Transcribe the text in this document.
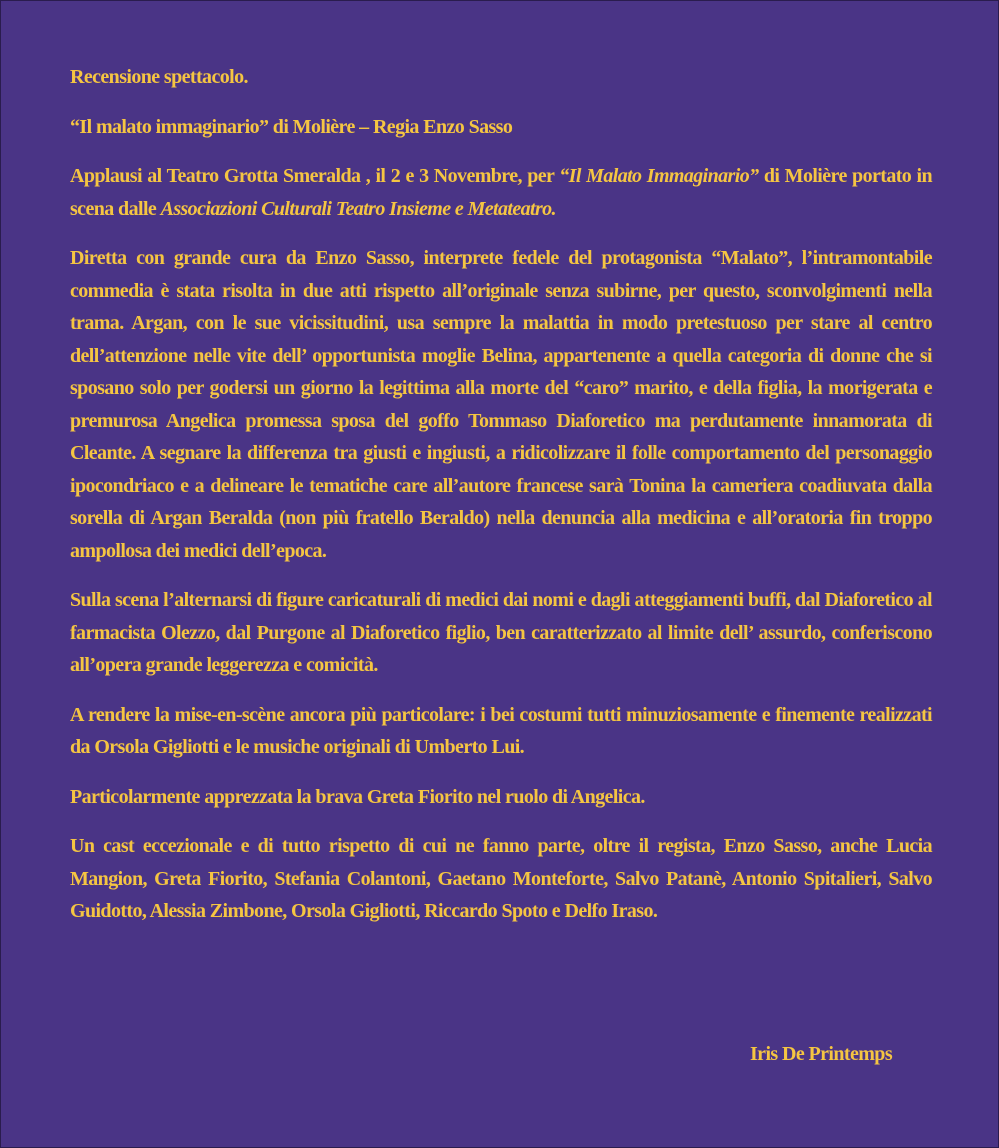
Recensione spettacolo.

“Il malato immaginario” di Molière – Regia Enzo Sasso

Applausi al Teatro Grotta Smeralda , il 2 e 3 Novembre, per “Il Malato Immaginario” di Molière portato in scena dalle Associazioni Culturali Teatro Insieme e Metateatro.

Diretta con grande cura da Enzo Sasso, interprete fedele del protagonista “Malato”, l’intramontabile commedia è stata risolta in due atti rispetto all’originale senza subirne, per questo, sconvolgimenti nella trama. Argan, con le sue vicissitudini, usa sempre la malattia in modo pretestuoso per stare al centro dell’attenzione nelle vite dell’ opportunista moglie Belina, appartenente a quella categoria di donne che si sposano solo per godersi un giorno la legittima alla morte del “caro” marito, e della figlia, la morigerata e premurosa Angelica promessa sposa del goffo Tommaso Diaforetico ma perdutamente innamorata di Cleante. A segnare la differenza tra giusti e ingiusti, a ridicolizzare il folle comportamento del personaggio ipocondriaco e a delineare le tematiche care all’autore francese sarà Tonina la cameriera coadiuvata dalla sorella di Argan Beralda (non più fratello Beraldo) nella denuncia alla medicina e all’oratoria fin troppo ampollosa dei medici dell’epoca.

Sulla scena l’alternarsi di figure caricaturali di medici dai nomi e dagli atteggiamenti buffi, dal Diaforetico al farmacista Olezzo, dal Purgone al Diaforetico figlio, ben caratterizzato al limite dell’ assurdo, conferiscono all’opera grande leggerezza e comicità.

A rendere la mise-en-scène ancora più particolare: i bei costumi tutti minuziosamente e finemente realizzati da Orsola Gigliotti e le musiche originali di Umberto Lui.

Particolarmente apprezzata la brava Greta Fiorito nel ruolo di Angelica.

Un cast eccezionale e di tutto rispetto di cui ne fanno parte, oltre il regista, Enzo Sasso, anche Lucia Mangion, Greta Fiorito, Stefania Colantoni, Gaetano Monteforte, Salvo Patanè, Antonio Spitalieri, Salvo Guidotto, Alessia Zimbone, Orsola Gigliotti, Riccardo Spoto e Delfo Iraso.

Iris De Printemps
